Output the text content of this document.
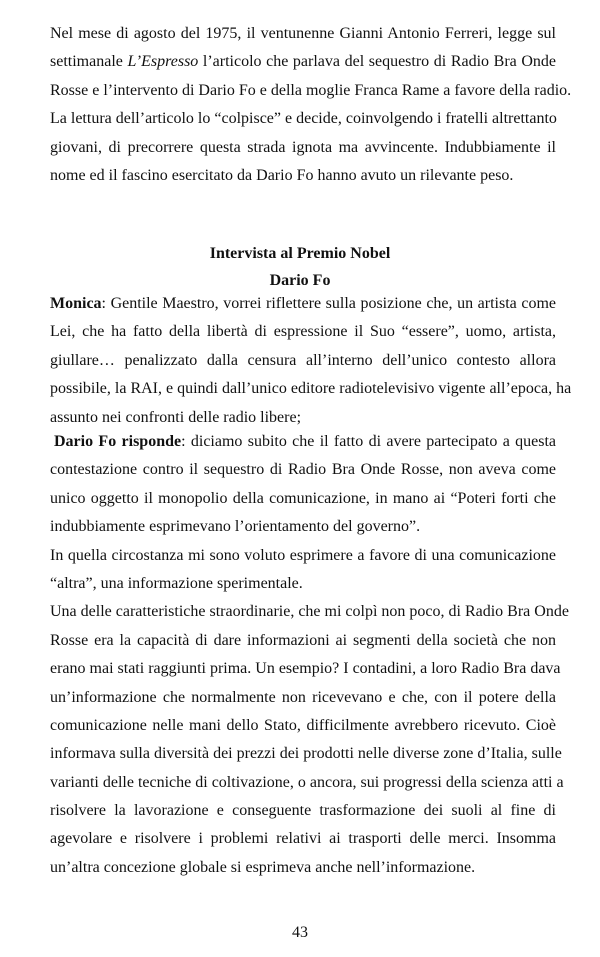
Nel mese di agosto del 1975, il ventunenne Gianni Antonio Ferreri, legge sul
settimanale L’Espresso l’articolo che parlava del sequestro di Radio Bra Onde
Rosse e l’intervento di Dario Fo e della moglie Franca Rame a favore della radio.
La lettura dell’articolo lo “colpisce” e decide, coinvolgendo i fratelli altrettanto
giovani, di precorrere questa strada ignota ma avvincente. Indubbiamente il
nome ed il fascino esercitato da Dario Fo hanno avuto un rilevante peso.
Intervista al Premio Nobel
Dario Fo
Monica: Gentile Maestro, vorrei riflettere sulla posizione che, un artista come
Lei, che ha fatto della libertà di espressione il Suo “essere”, uomo, artista,
giullare… penalizzato dalla censura all’interno dell’unico contesto allora
possibile, la RAI, e quindi dall’unico editore radiotelevisivo vigente all’epoca, ha
assunto nei confronti delle radio libere;
Dario Fo risponde: diciamo subito che il fatto di avere partecipato a questa
contestazione contro il sequestro di Radio Bra Onde Rosse, non aveva come
unico oggetto il monopolio della comunicazione, in mano ai “Poteri forti che
indubbiamente esprimevano l’orientamento del governo”.
In quella circostanza mi sono voluto esprimere a favore di una comunicazione
“altra”, una informazione sperimentale.
Una delle caratteristiche straordinarie, che mi colpì non poco, di Radio Bra Onde
Rosse era la capacità di dare informazioni ai segmenti della società che non
erano mai stati raggiunti prima. Un esempio? I contadini, a loro Radio Bra dava
un’informazione che normalmente non ricevevano e che, con il potere della
comunicazione nelle mani dello Stato, difficilmente avrebbero ricevuto. Cioè
informava sulla diversità dei prezzi dei prodotti nelle diverse zone d’Italia, sulle
varianti delle tecniche di coltivazione, o ancora, sui progressi della scienza atti a
risolvere la lavorazione e conseguente trasformazione dei suoli al fine di
agevolare e risolvere i problemi relativi ai trasporti delle merci. Insomma
un’altra concezione globale si esprimeva anche nell’informazione.
43
